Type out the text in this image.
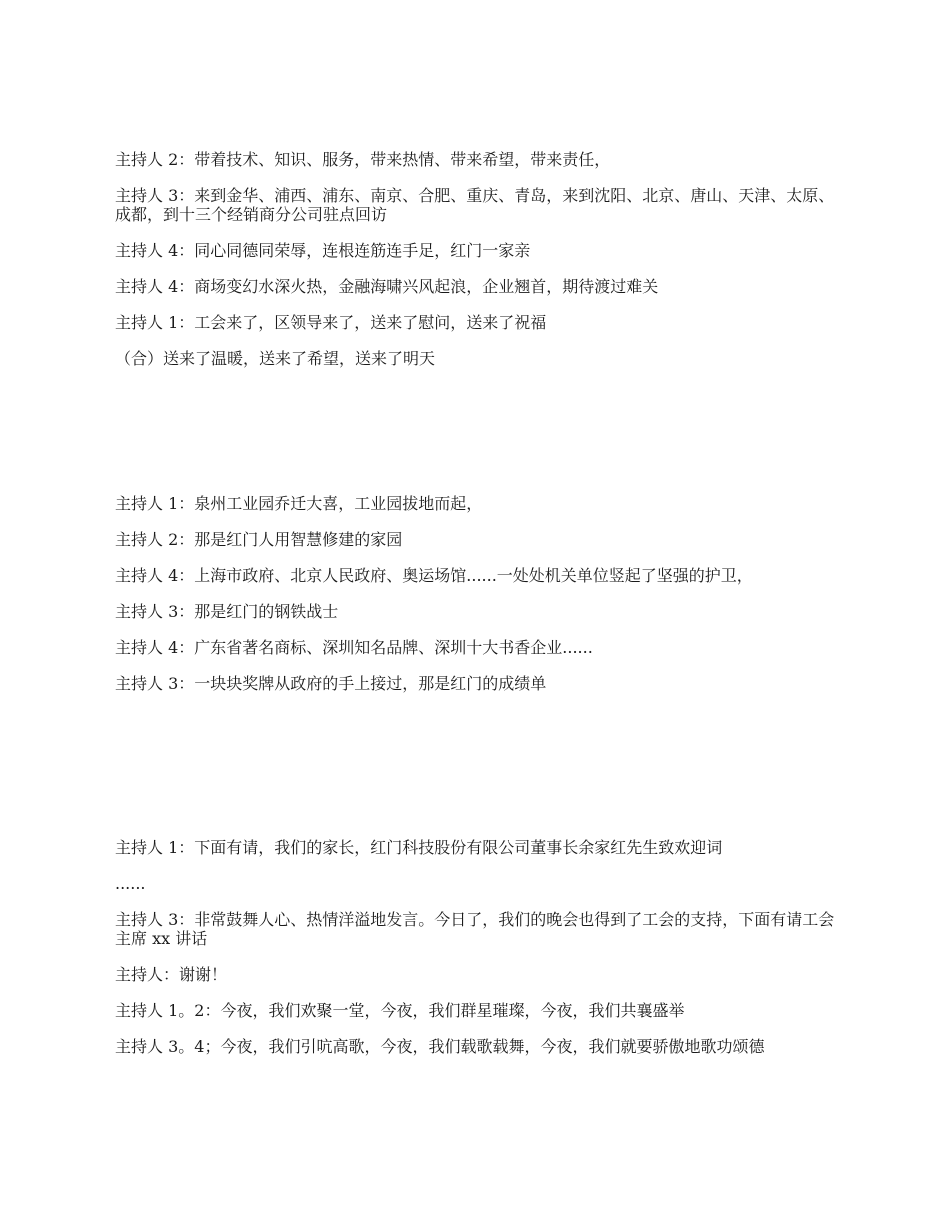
主持人 2：带着技术、知识、服务，带来热情、带来希望，带来责任，

主持人 3：来到金华、浦西、浦东、南京、合肥、重庆、青岛，来到沈阳、北京、唐山、天津、太原、成都，到十三个经销商分公司驻点回访

主持人 4：同心同德同荣辱，连根连筋连手足，红门一家亲

主持人 4：商场变幻水深火热，金融海啸兴风起浪，企业翘首，期待渡过难关

主持人 1：工会来了，区领导来了，送来了慰问，送来了祝福

（合）送来了温暖，送来了希望，送来了明天

主持人 1：泉州工业园乔迁大喜，工业园拔地而起，

主持人 2：那是红门人用智慧修建的家园

主持人 4：上海市政府、北京人民政府、奥运场馆......一处处机关单位竖起了坚强的护卫，

主持人 3：那是红门的钢铁战士

主持人 4：广东省著名商标、深圳知名品牌、深圳十大书香企业......

主持人 3：一块块奖牌从政府的手上接过，那是红门的成绩单

主持人 1：下面有请，我们的家长，红门科技股份有限公司董事长余家红先生致欢迎词

......

主持人 3：非常鼓舞人心、热情洋溢地发言。今日了，我们的晚会也得到了工会的支持，下面有请工会主席 xx 讲话

主持人：谢谢！

主持人 1。2：今夜，我们欢聚一堂，今夜，我们群星璀璨，今夜，我们共襄盛举

主持人 3。4；今夜，我们引吭高歌，今夜，我们载歌载舞，今夜，我们就要骄傲地歌功颂德
